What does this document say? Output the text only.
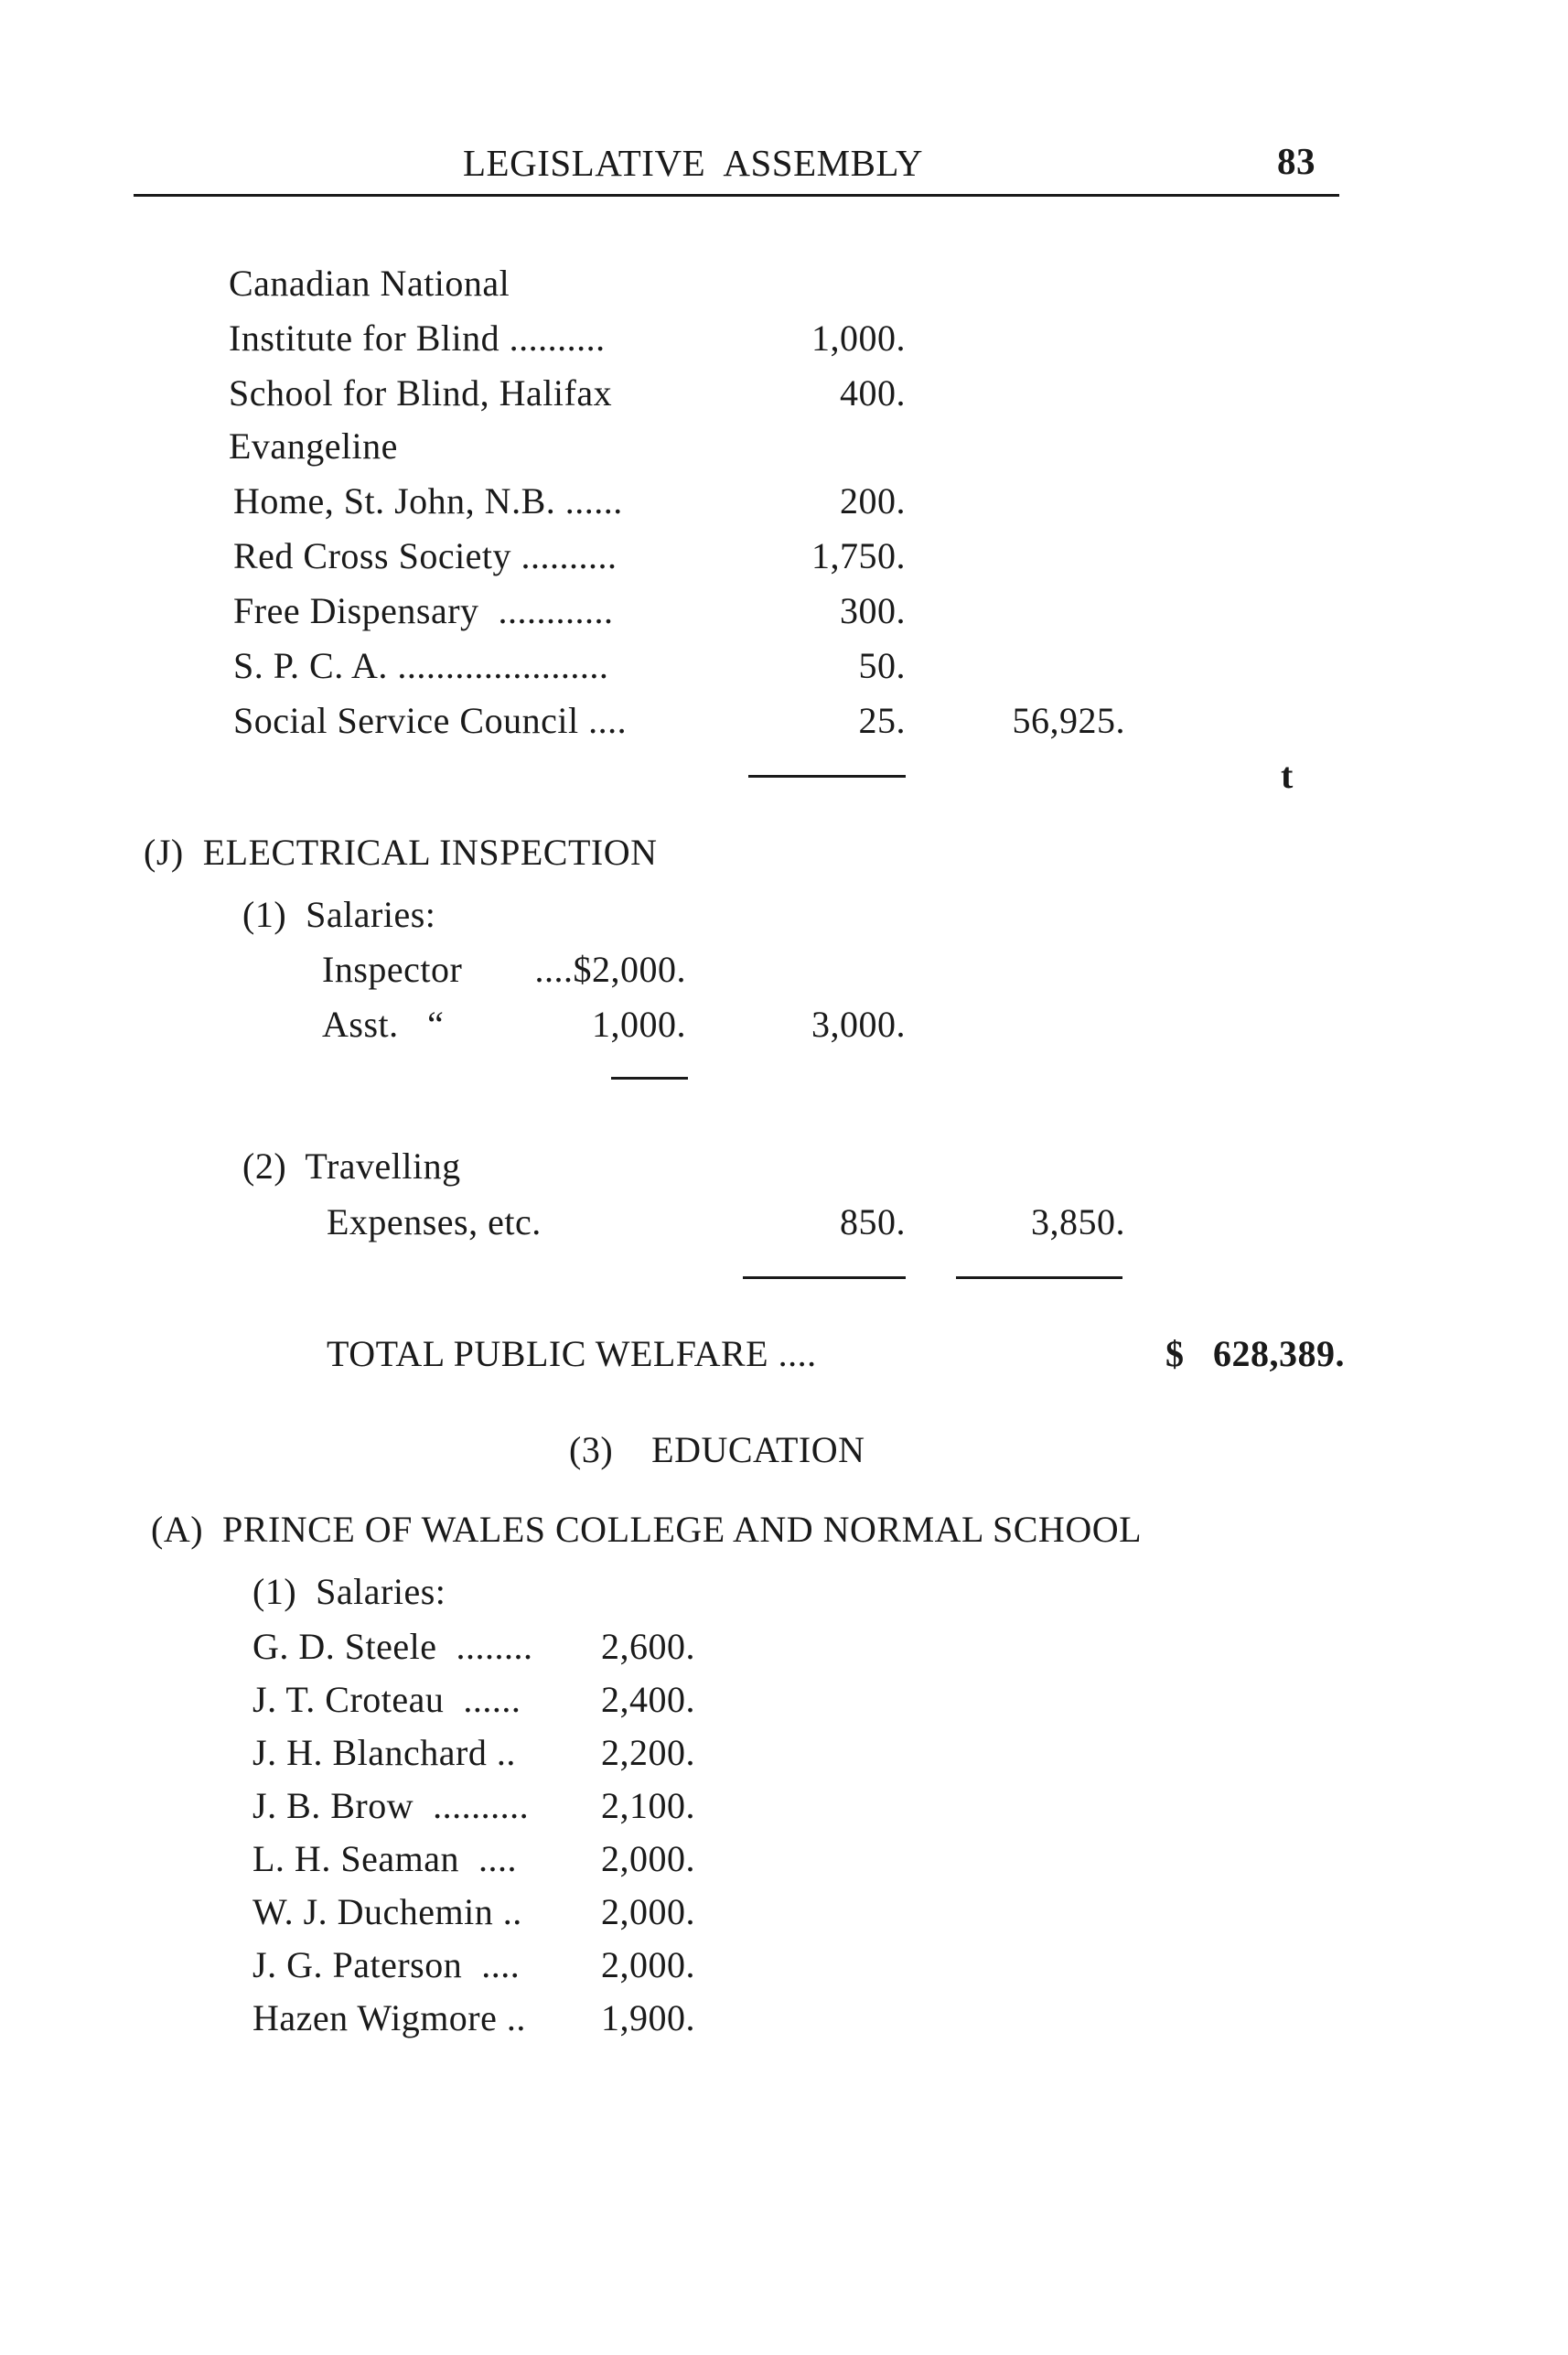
LEGISLATIVE  ASSEMBLY	83
Canadian National
Institute for Blind ..........	1,000.
School for Blind, Halifax	400.
Evangeline
Home, St. John, N.B. ......	200.
Red Cross Society ..........	1,750.
Free Dispensary  ............	300.
S. P. C. A. ......................	50.
Social Service Council ....	25.	56,925.
t
(J)  ELECTRICAL INSPECTION
(1)  Salaries:
Inspector	....$2,000.
Asst.   “	1,000.	3,000.
(2)  Travelling
Expenses, etc.	850.	3,850.
TOTAL PUBLIC WELFARE ....	$   628,389.
(3)    EDUCATION
(A)  PRINCE OF WALES COLLEGE AND NORMAL SCHOOL
(1)  Salaries:
G. D. Steele  ........	2,600.
J. T. Croteau  ......	2,400.
J. H. Blanchard ..	2,200.
J. B. Brow  ..........	2,100.
L. H. Seaman  ....	2,000.
W. J. Duchemin ..	2,000.
J. G. Paterson  ....	2,000.
Hazen Wigmore ..	1,900.
